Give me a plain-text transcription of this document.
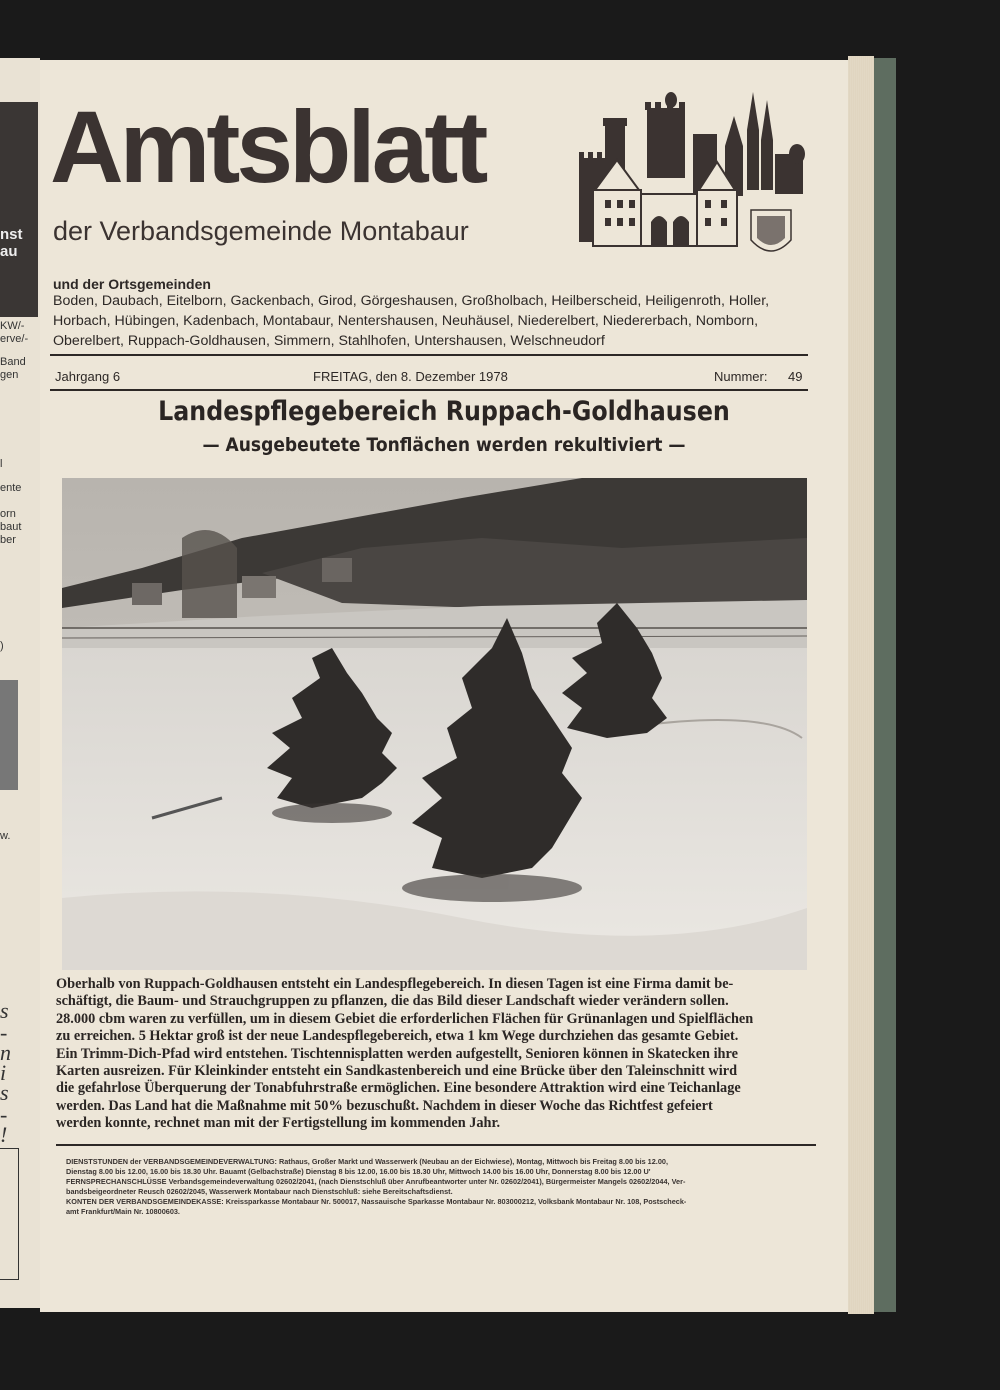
nst
au
KW/-
erve/-
Band
gen
l
ente
orn
baut
ber
)
w.
s
-
n
i
s
-
!
Amtsblatt
der Verbandsgemeinde Montabaur
und der Ortsgemeinden
Boden, Daubach, Eitelborn, Gackenbach, Girod, Görgeshausen, Großholbach, Heilberscheid, Heiligenroth, Holler,
Horbach, Hübingen, Kadenbach, Montabaur, Nentershausen, Neuhäusel, Niederelbert, Niedererbach, Nomborn,
Oberelbert, Ruppach-Goldhausen, Simmern, Stahlhofen, Untershausen, Welschneudorf
Jahrgang 6	FREITAG, den 8. Dezember 1978	Nummer: 49
Landespflegebereich Ruppach-Goldhausen
— Ausgebeutete Tonflächen werden rekultiviert —
Oberhalb von Ruppach-Goldhausen entsteht ein Landespflegebereich. In diesen Tagen ist eine Firma damit be-
schäftigt, die Baum- und Strauchgruppen zu pflanzen, die das Bild dieser Landschaft wieder verändern sollen.
28.000 cbm waren zu verfüllen, um in diesem Gebiet die erforderlichen Flächen für Grünanlagen und Spielflächen
zu erreichen. 5 Hektar groß ist der neue Landespflegebereich, etwa 1 km Wege durchziehen das gesamte Gebiet.
Ein Trimm-Dich-Pfad wird entstehen. Tischtennisplatten werden aufgestellt, Senioren können in Skatecken ihre
Karten ausreizen. Für Kleinkinder entsteht ein Sandkastenbereich und eine Brücke über den Taleinschnitt wird
die gefahrlose Überquerung der Tonabfuhrstraße ermöglichen. Eine besondere Attraktion wird eine Teichanlage
werden. Das Land hat die Maßnahme mit 50% bezuschußt. Nachdem in dieser Woche das Richtfest gefeiert
werden konnte, rechnet man mit der Fertigstellung im kommenden Jahr.
DIENSTSTUNDEN der VERBANDSGEMEINDEVERWALTUNG: Rathaus, Großer Markt und Wasserwerk (Neubau an der Eichwiese), Montag, Mittwoch bis Freitag 8.00 bis 12.00,
Dienstag 8.00 bis 12.00, 16.00 bis 18.30 Uhr. Bauamt (Gelbachstraße) Dienstag 8 bis 12.00, 16.00 bis 18.30 Uhr, Mittwoch 14.00 bis 16.00 Uhr, Donnerstag 8.00 bis 12.00 U'
FERNSPRECHANSCHLÜSSE Verbandsgemeindeverwaltung 02602/2041, (nach Dienstschluß über Anrufbeantworter unter Nr. 02602/2041), Bürgermeister Mangels 02602/2044, Ver-
bandsbeigeordneter Reusch 02602/2045, Wasserwerk Montabaur nach Dienstschluß: siehe Bereitschaftsdienst.
KONTEN DER VERBANDSGEMEINDEKASSE: Kreissparkasse Montabaur Nr. 500017, Nassauische Sparkasse Montabaur Nr. 803000212, Volksbank Montabaur Nr. 108, Postscheck-
amt Frankfurt/Main Nr. 10800603.
